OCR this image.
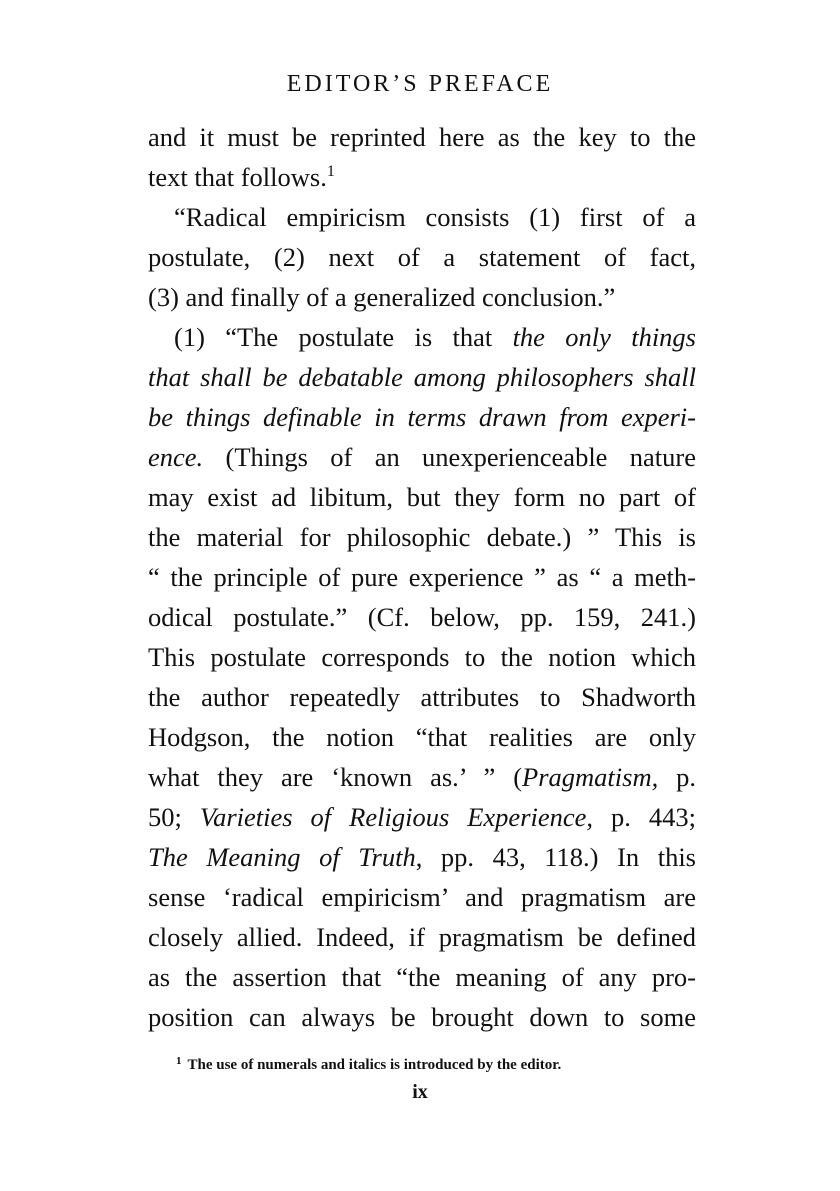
EDITOR’S PREFACE
and it must be reprinted here as the key to the
text that follows.$^1$
“Radical empiricism consists (1) first of a
postulate, (2) next of a statement of fact,
(3) and finally of a generalized conclusion.”
(1) “The postulate is that the only things
that shall be debatable among philosophers shall
be things definable in terms drawn from experi-
ence. (Things of an unexperienceable nature
may exist ad libitum, but they form no part of
the material for philosophic debate.) ” This is
“ the principle of pure experience ” as “ a meth-
odical postulate.” (Cf. below, pp. 159, 241.)
This postulate corresponds to the notion which
the author repeatedly attributes to Shadworth
Hodgson, the notion “that realities are only
what they are ‘known as.’ ” (Pragmatism, p.
50; Varieties of Religious Experience, p. 443;
The Meaning of Truth, pp. 43, 118.) In this
sense ‘radical empiricism’ and pragmatism are
closely allied. Indeed, if pragmatism be defined
as the assertion that “the meaning of any pro-
position can always be brought down to some
$^1$ The use of numerals and italics is introduced by the editor.
ix
